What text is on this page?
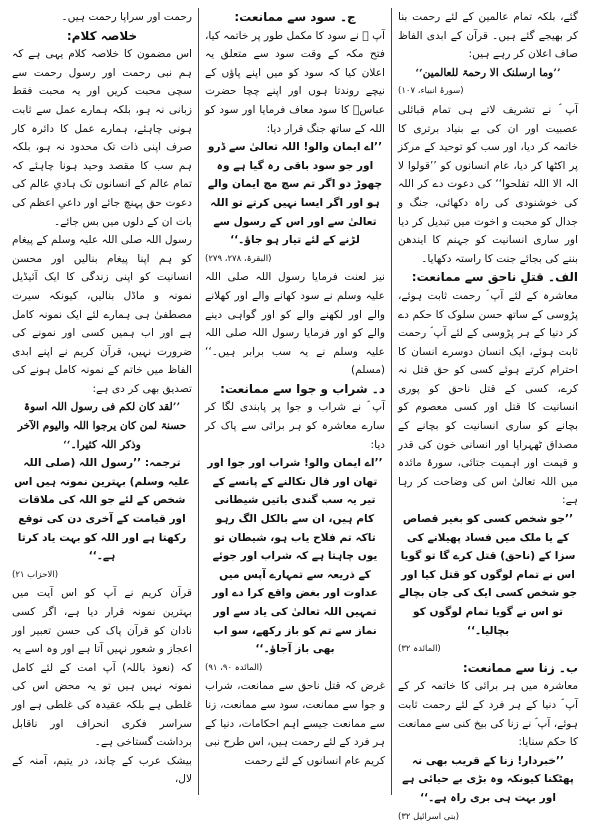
گئے، بلکہ تمام عالمین کے لئے رحمت بنا کر بھیجے گئے ہیں۔ قرآن کے ابدی الفاظ صاف اعلان کر رہے ہیں:

’’وما ارسلنک الا رحمۃ للعالمین‘‘

(سورۂ انبیاء، ۱۰۷)

آپ ؐ نے تشریف لاتے ہی تمام قبائلی عصبیت اور ان کی بے بنیاد برتری کا خاتمہ کر دیا، اور سب کو توحید کے مرکز پر اکٹھا کر دیا، عام انسانوں کو ’’قولوا لا الہ الا اللہ تفلحوا‘‘ کی دعوت دے کر اللہ کی خوشنودی کی راہ دکھائی، جنگ و جدال کو محبت و اخوت میں تبدیل کر دیا اور ساری انسانیت کو جہنم کا ایندھن بننے کی بجائے جنت کا راستہ دکھایا۔

الف۔ قتلِ ناحق سے ممانعت:

معاشرہ کے لئے آپ ؐ رحمت ثابت ہوئے، پڑوسی کے ساتھ حسن سلوک کا حکم دے کر دنیا کے ہر پڑوسی کے لئے آپ ؐ رحمت ثابت ہوئے، ایک انسان دوسرے انسان کا احترام کرتے ہوئے کسی کو حق قتل نہ کرے، کسی کے قتل ناحق کو پوری انسانیت کا قتل اور کسی معصوم کو بچانے کو ساری انسانیت کو بچانے کے مصداق ٹھہرایا اور انسانی خون کی قدر و قیمت اور اہمیت جتائی، سورۂ مائدہ میں اللہ تعالیٰ اس کی وضاحت کر رہا ہے:

’’جو شخص کسی کو بغیر قصاص کے یا ملک میں فساد پھیلانے کی سزا کے (ناحق) قتل کرے گا تو گویا اس نے تمام لوگوں کو قتل کیا اور جو شخص کسی ایک کی جان بچالے تو اس نے گویا تمام لوگوں کو بچالیا۔‘‘

(المائدہ ۳۲)

ب۔ زنا سے ممانعت:

معاشرہ میں ہر برائی کا خاتمہ کر کے آپ ؐ دنیا کے ہر فرد کے لئے رحمت ثابت ہوئے، آپ ؐ نے زنا کی بیخ کنی سے ممانعت کا حکم سنایا:

’’خبردار! زنا کے قریب بھی نہ پھٹکنا کیونکہ وہ بڑی بے حیائی ہے اور بہت ہی بری راہ ہے۔‘‘

(بنی اسرائیل ۳۲)

ج۔ سود سے ممانعت:

آپ ؐ نے سود کا مکمل طور پر خاتمہ کیا، فتح مکہ کے وقت سود سے متعلق یہ اعلان کیا کہ سود کو میں اپنے پاؤں کے نیچے روندتا ہوں اور اپنے چچا حضرت عباسؓ کا سود معاف فرمایا اور سود کو اللہ کے ساتھ جنگ قرار دیا:

’’اے ایمان والو! اللہ تعالیٰ سے ڈرو اور جو سود باقی رہ گیا ہے وہ چھوڑ دو اگر تم سچ مچ ایمان والے ہو اور اگر ایسا نہیں کرتے تو اللہ تعالیٰ سے اور اس کے رسول سے لڑنے کے لئے تیار ہو جاؤ۔‘‘

(البقرۃ، ۲۷۸، ۲۷۹)

نیز لعنت فرمایا رسول اللہ صلی اللہ علیہ وسلم نے سود کھانے والے اور کھلانے والے اور لکھنے والے کو اور گواہی دینے والے کو اور فرمایا رسول اللہ صلی اللہ علیہ وسلم نے یہ سب برابر ہیں۔‘‘ (مسلم)

د۔ شراب و جوا سے ممانعت:

آپ ؐ نے شراب و جوا پر پابندی لگا کر سارے معاشرہ کو ہر برائی سے پاک کر دیا:

’’اے ایمان والو! شراب اور جوا اور تھان اور فال نکالنے کے پانسے کے تیر یہ سب گندی باتیں شیطانی کام ہیں، ان سے بالکل الگ رہو تاکہ تم فلاح یاب ہو، شیطان تو یوں چاہتا ہے کہ شراب اور جوئے کے ذریعہ سے تمہارے آپس میں عداوت اور بغض واقع کرا دے اور تمہیں اللہ تعالیٰ کی یاد سے اور نماز سے تم کو باز رکھے، سو اب بھی باز آجاؤ۔‘‘

(المائدہ ۹۰، ۹۱)

غرض کہ قتل ناحق سے ممانعت، شراب و جوا سے ممانعت، سود سے ممانعت، زنا سے ممانعت جیسے اہم احکامات، دنیا کے ہر فرد کے لئے رحمت ہیں، اس طرح نبی کریم عام انسانوں کے لئے رحمت

رحمت اور سراپا رحمت ہیں۔

خلاصہ کلام:

اس مضمون کا خلاصہ کلام یہی ہے کہ ہم نبی رحمت اور رسول رحمت سے سچی محبت کریں اور یہ محبت فقط زبانی نہ ہو، بلکہ ہمارے عمل سے ثابت ہونی چاہئے، ہمارے عمل کا دائرہ کار صرف اپنی ذات تک محدود نہ ہو، بلکہ ہم سب کا مقصد وحید ہونا چاہئے کہ تمام عالم کے انسانوں تک ہادیِ عالم کی دعوت حق پہنچ جائے اور داعیِ اعظم کی بات ان کے دلوں میں بس جائے۔

رسول اللہ صلی اللہ علیہ وسلم کے پیغام کو ہم اپنا پیغام بنالیں اور محسن انسانیت کو اپنی زندگی کا ایک آئیڈیل نمونہ و ماڈل بنالیں، کیونکہ سیرت مصطفیٰ ہی ہمارے لئے ایک نمونہ کامل ہے اور اب ہمیں کسی اور نمونے کی ضرورت نہیں، قرآن کریم نے اپنے ابدی الفاظ میں خاتم کے نمونہ کامل ہونے کی تصدیق بھی کر دی ہے:

’’لقد کان لکم فی رسول اللہ اسوۃ حسنۃ لمن کان یرجوا اللہ والیوم الآخر وذکر اللہ کثیرا۔‘‘

ترجمہ: ’’رسول اللہ (صلی اللہ علیہ وسلم) بہترین نمونہ ہیں اس شخص کے لئے جو اللہ کی ملاقات اور قیامت کے آخری دن کی توقع رکھتا ہے اور اللہ کو بہت یاد کرتا ہے۔‘‘

(الاحزاب ۲۱)

قرآن کریم نے آپ کو اس آیت میں بہترین نمونہ قرار دیا ہے، اگر کسی نادان کو قرآن پاک کی حسن تعبیر اور اعجاز و شعور نہیں آتا ہے اور وہ اسے یہ کہ (نعوذ باللہ) آپ امت کے لئے کامل نمونہ نہیں ہیں تو یہ محض اس کی غلطی ہے بلکہ عقیدہ کی غلطی ہے اور سراسر فکری انحراف اور ناقابل برداشت گستاخی ہے۔

بیشک عرب کے چاند، در یتیم، آمنہ کے لال،
